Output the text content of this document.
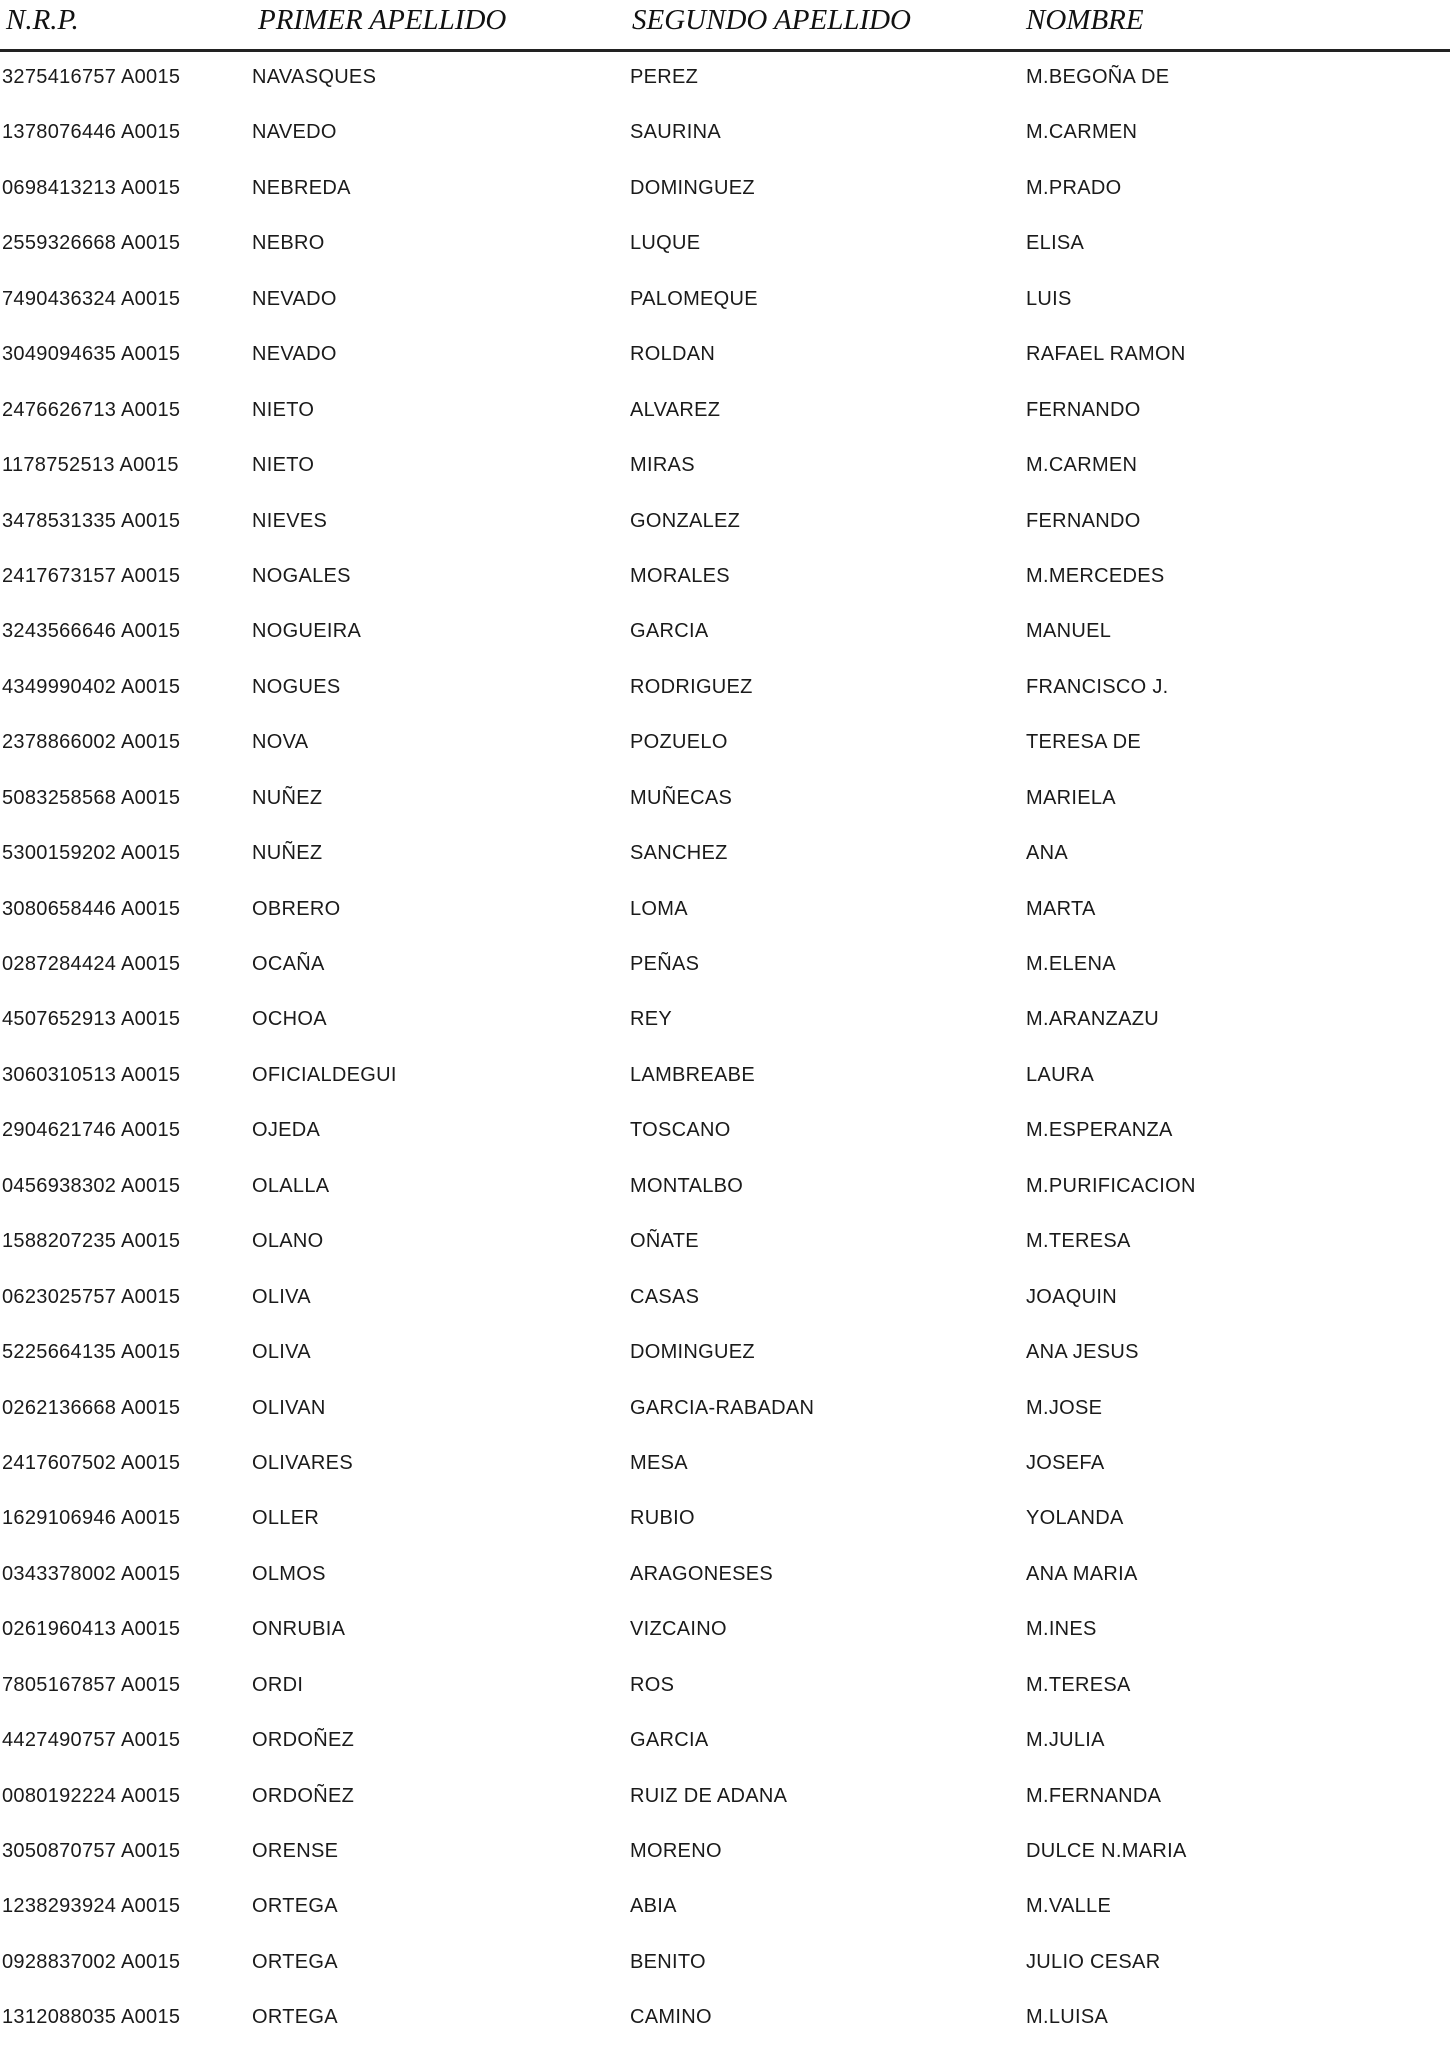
N.R.P.	PRIMER APELLIDO	SEGUNDO APELLIDO	NOMBRE
3275416757 A0015	NAVASQUES	PEREZ	M.BEGOÑA DE
1378076446 A0015	NAVEDO	SAURINA	M.CARMEN
0698413213 A0015	NEBREDA	DOMINGUEZ	M.PRADO
2559326668 A0015	NEBRO	LUQUE	ELISA
7490436324 A0015	NEVADO	PALOMEQUE	LUIS
3049094635 A0015	NEVADO	ROLDAN	RAFAEL RAMON
2476626713 A0015	NIETO	ALVAREZ	FERNANDO
1178752513 A0015	NIETO	MIRAS	M.CARMEN
3478531335 A0015	NIEVES	GONZALEZ	FERNANDO
2417673157 A0015	NOGALES	MORALES	M.MERCEDES
3243566646 A0015	NOGUEIRA	GARCIA	MANUEL
4349990402 A0015	NOGUES	RODRIGUEZ	FRANCISCO J.
2378866002 A0015	NOVA	POZUELO	TERESA DE
5083258568 A0015	NUÑEZ	MUÑECAS	MARIELA
5300159202 A0015	NUÑEZ	SANCHEZ	ANA
3080658446 A0015	OBRERO	LOMA	MARTA
0287284424 A0015	OCAÑA	PEÑAS	M.ELENA
4507652913 A0015	OCHOA	REY	M.ARANZAZU
3060310513 A0015	OFICIALDEGUI	LAMBREABE	LAURA
2904621746 A0015	OJEDA	TOSCANO	M.ESPERANZA
0456938302 A0015	OLALLA	MONTALBO	M.PURIFICACION
1588207235 A0015	OLANO	OÑATE	M.TERESA
0623025757 A0015	OLIVA	CASAS	JOAQUIN
5225664135 A0015	OLIVA	DOMINGUEZ	ANA JESUS
0262136668 A0015	OLIVAN	GARCIA-RABADAN	M.JOSE
2417607502 A0015	OLIVARES	MESA	JOSEFA
1629106946 A0015	OLLER	RUBIO	YOLANDA
0343378002 A0015	OLMOS	ARAGONESES	ANA MARIA
0261960413 A0015	ONRUBIA	VIZCAINO	M.INES
7805167857 A0015	ORDI	ROS	M.TERESA
4427490757 A0015	ORDOÑEZ	GARCIA	M.JULIA
0080192224 A0015	ORDOÑEZ	RUIZ DE ADANA	M.FERNANDA
3050870757 A0015	ORENSE	MORENO	DULCE N.MARIA
1238293924 A0015	ORTEGA	ABIA	M.VALLE
0928837002 A0015	ORTEGA	BENITO	JULIO CESAR
1312088035 A0015	ORTEGA	CAMINO	M.LUISA
